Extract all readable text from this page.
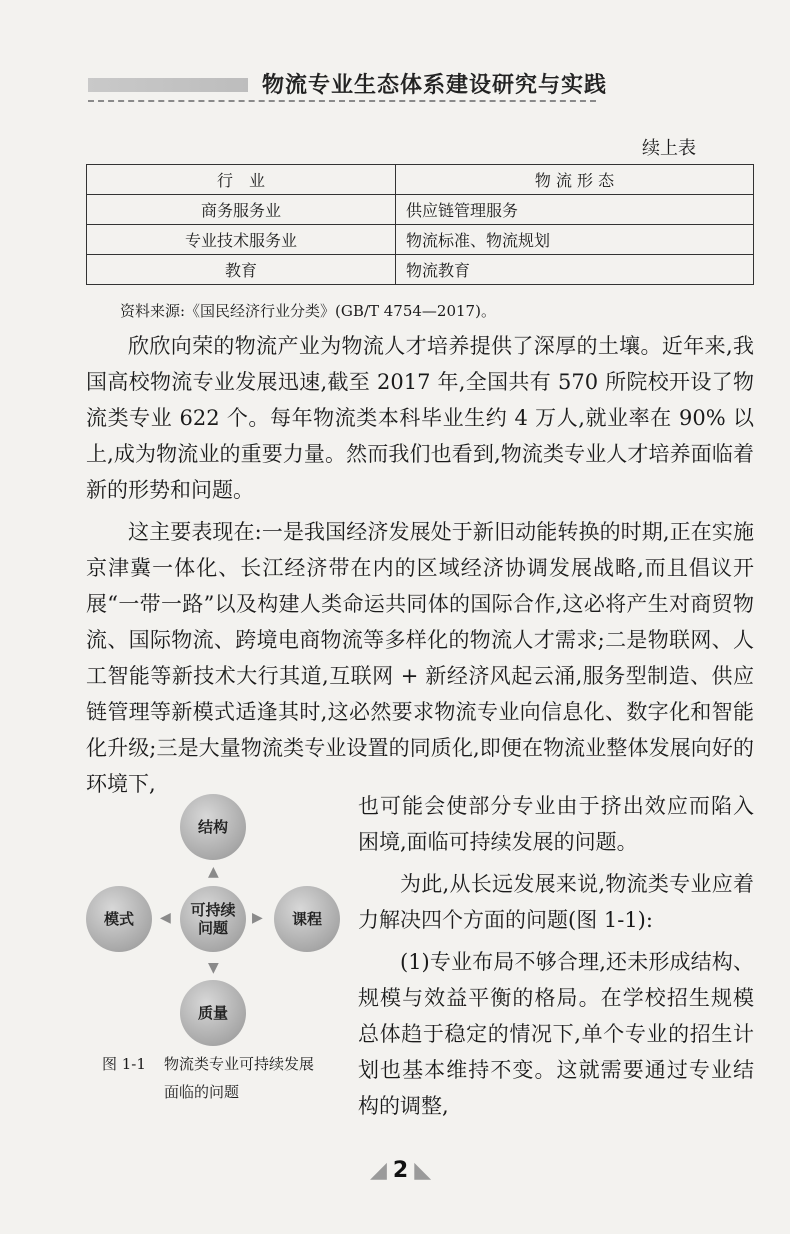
物流专业生态体系建设研究与实践
续上表
行　业	物 流 形 态
商务服务业	供应链管理服务
专业技术服务业	物流标准、物流规划
教育	物流教育
资料来源:《国民经济行业分类》(GB/T 4754—2017)。

欣欣向荣的物流产业为物流人才培养提供了深厚的土壤。近年来,我国高校物流专业发展迅速,截至 2017 年,全国共有 570 所院校开设了物流类专业 622 个。每年物流类本科毕业生约 4 万人,就业率在 90% 以上,成为物流业的重要力量。然而我们也看到,物流类专业人才培养面临着新的形势和问题。

这主要表现在:一是我国经济发展处于新旧动能转换的时期,正在实施京津冀一体化、长江经济带在内的区域经济协调发展战略,而且倡议开展“一带一路”以及构建人类命运共同体的国际合作,这必将产生对商贸物流、国际物流、跨境电商物流等多样化的物流人才需求;二是物联网、人工智能等新技术大行其道,互联网 + 新经济风起云涌,服务型制造、供应链管理等新模式适逢其时,这必然要求物流专业向信息化、数字化和智能化升级;三是大量物流类专业设置的同质化,即便在物流业整体发展向好的环境下,

结构
模式	可持续
问题	课程
质量
▲
▼
◀	▶
图 1-1 物流类专业可持续发展
面临的问题

也可能会使部分专业由于挤出效应而陷入困境,面临可持续发展的问题。

为此,从长远发展来说,物流类专业应着力解决四个方面的问题(图 1-1):

(1)专业布局不够合理,还未形成结构、规模与效益平衡的格局。在学校招生规模总体趋于稳定的情况下,单个专业的招生计划也基本维持不变。这就需要通过专业结构的调整,

◢ 2 ◣
